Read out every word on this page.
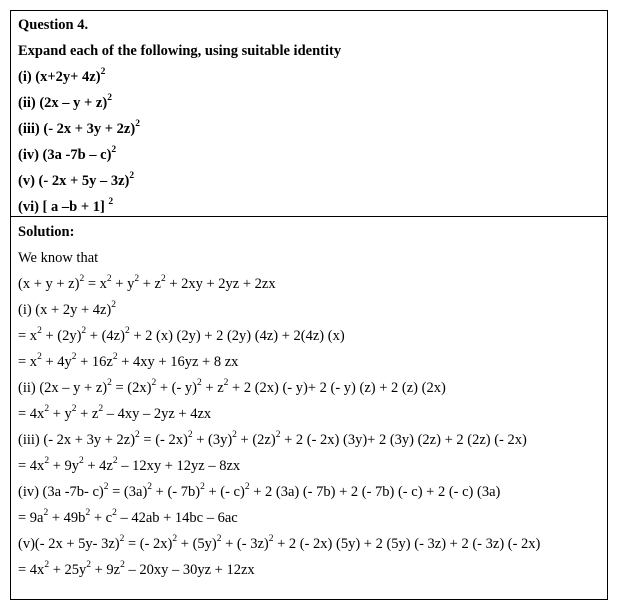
Question 4.
Expand each of the following, using suitable identity
(i) $(x+2y+ 4z)^2$
(ii) $(2x - y + z)^2$
(iii) (- 2x + 3y + 2z)$^2$
(iv) (3a -7b – c)$^2$
(v) (- 2x + 5y – 3z)$^2$
(vi) [ a –b + 1] $^2$
Solution:
We know that
$(x + y + z)^2 = x^2 + y^2 + z^2 + 2xy + 2yz + 2zx$
(i) $(x + 2y + 4z)^2$
= $x^2 + (2y)^2 + (4z)^2 + 2$ (x) (2y) + 2 (2y) (4z) + 2(4z) (x)
= $x^2 + 4y^2 + 16z^2 + 4xy + 16yz + 8$ zx
(ii) $(2x - y + z)^2 = (2x)^2$ + (- $y)^2 + z^2 + 2$ (2x) (- y)+ 2 (- y) (z) + 2 (z) (2x)
= $4x^2 + y^2 + z^2 - 4xy - 2yz + 4zx$
(iii) (- 2x + 3y + 2z)$^2$ = (- $2x)^2 + (3y)^2 + (2z)^2 + 2$ (- 2x) (3y)+ 2 (3y) (2z) + 2 (2z) (- 2x)
= $4x^2 + 9y^2 + 4z^2 - 12xy + 12yz - 8zx$
(iv) (3a -7b- $c)^2 = (3a)^2$ + (- 7b)$^2$ + (- c)$^2$ + 2 (3a) (- 7b) + 2 (- 7b) (- c) + 2 (- c) (3a)
= $9a^2 + 49b^2 + c^2 - 42ab + 14bc - 6ac$
(v)(- 2x + 5y- 3z)$^2$ = (- $2x)^2 + (5y)^2$ + (- 3z)$^2$ + 2 (- 2x) (5y) + 2 (5y) (- 3z) + 2 (- 3z) (- 2x)
= $4x^2 + 25y^2 + 9z^2 - 20xy - 30yz + 12zx$
